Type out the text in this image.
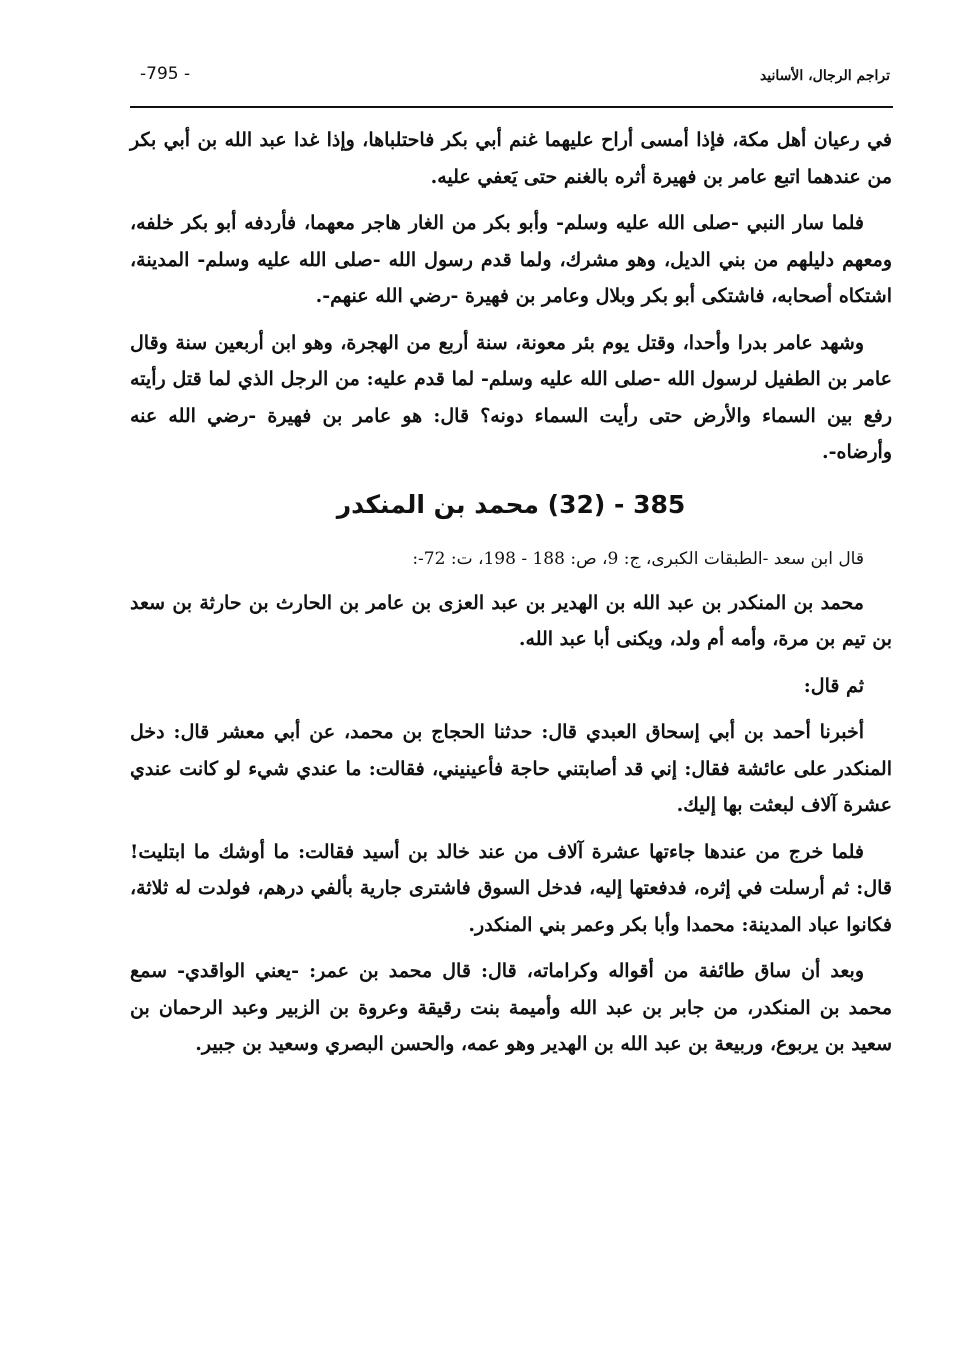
-795 -	تراجم الرجال، الأسانيد

في رعيان أهل مكة، فإذا أمسى أراح عليهما غنم أبي بكر فاحتلباها، وإذا غدا عبد الله بن أبي بكر من عندهما اتبع عامر بن فهيرة أثره بالغنم حتى يَعفي عليه.

فلما سار النبي -صلى الله عليه وسلم- وأبو بكر من الغار هاجر معهما، فأردفه أبو بكر خلفه، ومعهم دليلهم من بني الديل، وهو مشرك، ولما قدم رسول الله -صلى الله عليه وسلم- المدينة، اشتكاه أصحابه، فاشتكى أبو بكر وبلال وعامر بن فهيرة -رضي الله عنهم-.

وشهد عامر بدرا وأحدا، وقتل يوم بئر معونة، سنة أربع من الهجرة، وهو ابن أربعين سنة وقال عامر بن الطفيل لرسول الله -صلى الله عليه وسلم- لما قدم عليه: من الرجل الذي لما قتل رأيته رفع بين السماء والأرض حتى رأيت السماء دونه؟ قال: هو عامر بن فهيرة -رضي الله عنه وأرضاه-.

385 - (32) محمد بن المنكدر

قال ابن سعد -الطبقات الكبرى، ج: 9، ص: 188 - 198، ت: 72-:

محمد بن المنكدر بن عبد الله بن الهدير بن عبد العزى بن عامر بن الحارث بن حارثة بن سعد بن تيم بن مرة، وأمه أم ولد، ويكنى أبا عبد الله.

ثم قال:

أخبرنا أحمد بن أبي إسحاق العبدي قال: حدثنا الحجاج بن محمد، عن أبي معشر قال: دخل المنكدر على عائشة فقال: إني قد أصابتني حاجة فأعينيني، فقالت: ما عندي شيء لو كانت عندي عشرة آلاف لبعثت بها إليك.

فلما خرج من عندها جاءتها عشرة آلاف من عند خالد بن أسيد فقالت: ما أوشك ما ابتليت! قال: ثم أرسلت في إثره، فدفعتها إليه، فدخل السوق فاشترى جارية بألفي درهم، فولدت له ثلاثة، فكانوا عباد المدينة: محمدا وأبا بكر وعمر بني المنكدر.

وبعد أن ساق طائفة من أقواله وكراماته، قال: قال محمد بن عمر: -يعني الواقدي- سمع محمد بن المنكدر، من جابر بن عبد الله وأميمة بنت رقيقة وعروة بن الزبير وعبد الرحمان بن سعيد بن يربوع، وربيعة بن عبد الله بن الهدير وهو عمه، والحسن البصري وسعيد بن جبير.
